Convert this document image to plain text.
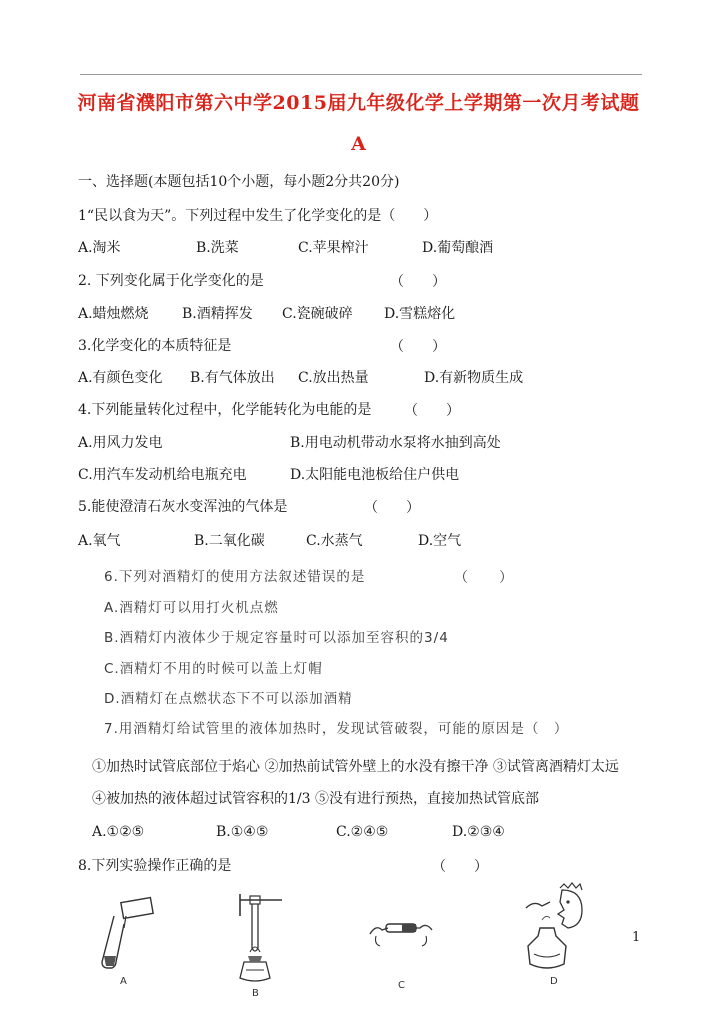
河南省濮阳市第六中学2015届九年级化学上学期第一次月考试题
A
一、选择题(本题包括10个小题，每小题2分共20分)
1“民以食为天”。下列过程中发生了化学变化的是（　　）
A.淘米	B.洗菜	C.苹果榨汁	D.葡萄酿酒
2. 下列变化属于化学变化的是	（　　）
A.蜡烛燃烧 B.酒精挥发 C.瓷碗破碎 D.雪糕熔化
3.化学变化的本质特征是	（　　）
A.有颜色变化 B.有气体放出 C.放出热量	D.有新物质生成
4.下列能量转化过程中，化学能转化为电能的是 （　　）
A.用风力发电	B.用电动机带动水泵将水抽到高处
C.用汽车发动机给电瓶充电	D.太阳能电池板给住户供电
5.能使澄清石灰水变浑浊的气体是	（　　）
A.氧气	B.二氧化碳	C.水蒸气	D.空气
6.下列对酒精灯的使用方法叙述错误的是	（　　）
A.酒精灯可以用打火机点燃
B.酒精灯内液体少于规定容量时可以添加至容积的3/4
C.酒精灯不用的时候可以盖上灯帽
D.酒精灯在点燃状态下不可以添加酒精
7.用酒精灯给试管里的液体加热时，发现试管破裂，可能的原因是（　）
①加热时试管底部位于焰心 ②加热前试管外壁上的水没有擦干净 ③试管离酒精灯太远
④被加热的液体超过试管容积的1/3 ⑤没有进行预热，直接加热试管底部
A.①②⑤	B.①④⑤	C.②④⑤	D.②③④
8.下列实验操作正确的是	（　　）
A
B
C	D
1
